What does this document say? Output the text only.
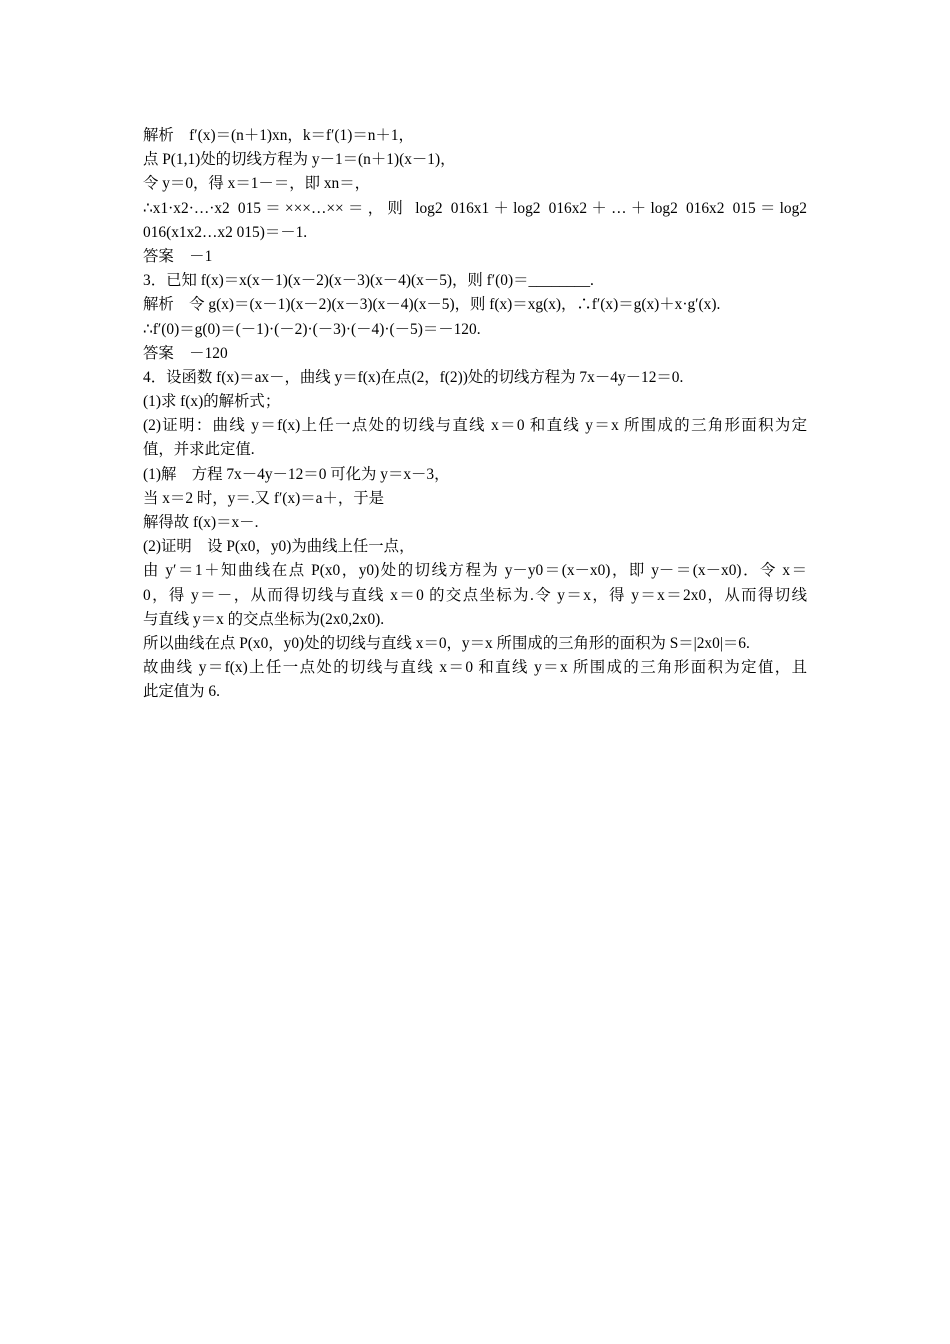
解析　f′(x)＝(n＋1)xn，k＝f′(1)＝n＋1，
点 P(1,1)处的切线方程为 y－1＝(n＋1)(x－1)，
令 y＝0，得 x＝1－＝，即 xn＝，
∴x1·x2·…·x2 015＝×××…××＝，则 log2 016x1＋log2 016x2＋…＋log2 016x2 015＝log2
016(x1x2…x2 015)＝－1.
答案　－1
3．已知 f(x)＝x(x－1)(x－2)(x－3)(x－4)(x－5)，则 f′(0)＝________.
解析　令 g(x)＝(x－1)(x－2)(x－3)(x－4)(x－5)，则 f(x)＝xg(x)，∴f′(x)＝g(x)＋x·g′(x).
∴f′(0)＝g(0)＝(－1)·(－2)·(－3)·(－4)·(－5)＝－120.
答案　－120
4．设函数 f(x)＝ax－，曲线 y＝f(x)在点(2，f(2))处的切线方程为 7x－4y－12＝0.
(1)求 f(x)的解析式；
(2)证明：曲线 y＝f(x)上任一点处的切线与直线 x＝0 和直线 y＝x 所围成的三角形面积为定
值，并求此定值.
(1)解　方程 7x－4y－12＝0 可化为 y＝x－3，
当 x＝2 时，y＝.又 f′(x)＝a＋，于是
解得故 f(x)＝x－.
(2)证明　设 P(x0，y0)为曲线上任一点，
由 y′＝1＋知曲线在点 P(x0，y0)处的切线方程为 y－y0＝(x－x0)，即 y－＝(x－x0)．令 x＝
0，得 y＝－，从而得切线与直线 x＝0 的交点坐标为.令 y＝x，得 y＝x＝2x0，从而得切线
与直线 y＝x 的交点坐标为(2x0,2x0).
所以曲线在点 P(x0，y0)处的切线与直线 x＝0，y＝x 所围成的三角形的面积为 S＝|2x0|＝6.
故曲线 y＝f(x)上任一点处的切线与直线 x＝0 和直线 y＝x 所围成的三角形面积为定值，且
此定值为 6.
